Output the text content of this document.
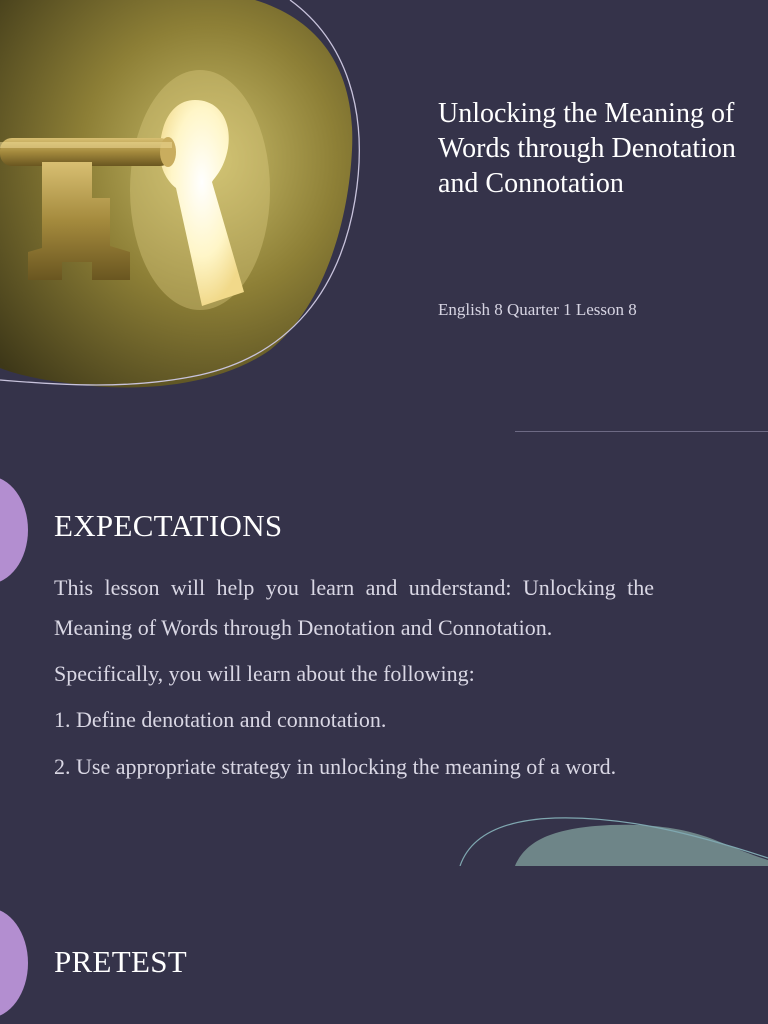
Unlocking the Meaning of Words through Denotation and Connotation
English 8 Quarter 1 Lesson 8
EXPECTATIONS
This lesson will help you learn and understand: Unlocking the
Meaning of Words through Denotation and Connotation.
Specifically, you will learn about the following:
1. Define denotation and connotation.
2. Use appropriate strategy in unlocking the meaning of a word.
PRETEST
